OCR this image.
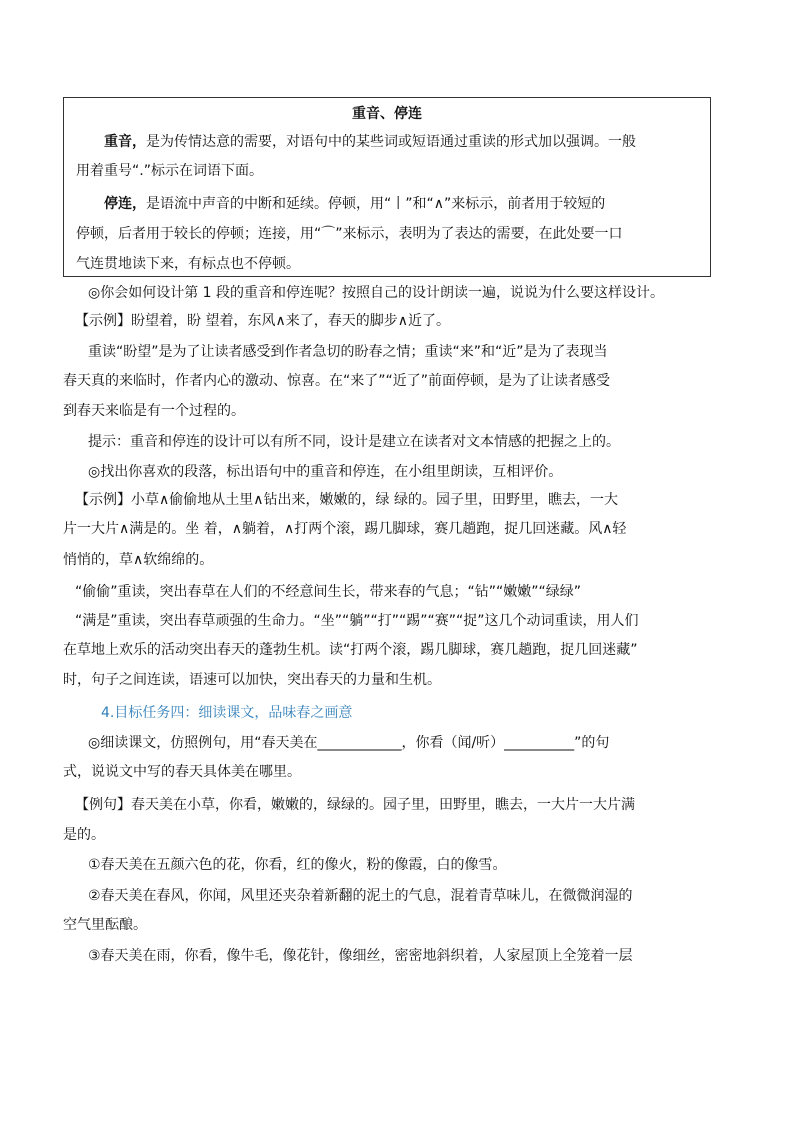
重音、停连
重音，是为传情达意的需要，对语句中的某些词或短语通过重读的形式加以强调。一般
用着重号“.”标示在词语下面。
停连，是语流中声音的中断和延续。停顿，用“丨”和“∧”来标示，前者用于较短的
停顿，后者用于较长的停顿；连接，用“⌒”来标示，表明为了表达的需要，在此处要一口
气连贯地读下来，有标点也不停顿。
◎你会如何设计第 1 段的重音和停连呢？按照自己的设计朗读一遍，说说为什么要这样设计。
【示例】盼望着，盼 望着，东风∧来了，春天的脚步∧近了。
重读“盼望”是为了让读者感受到作者急切的盼春之情；重读“来”和“近”是为了表现当
春天真的来临时，作者内心的激动、惊喜。在“来了”“近了”前面停顿，是为了让读者感受
到春天来临是有一个过程的。
提示：重音和停连的设计可以有所不同，设计是建立在读者对文本情感的把握之上的。
◎找出你喜欢的段落，标出语句中的重音和停连，在小组里朗读，互相评价。
【示例】小草∧偷偷地从土里∧钻出来，嫩嫩的，绿 绿的。园子里，田野里，瞧去，一大
片一大片∧满是的。坐 着，∧躺着，∧打两个滚，踢几脚球，赛几趟跑，捉几回迷藏。风∧轻
悄悄的，草∧软绵绵的。
“偷偷”重读，突出春草在人们的不经意间生长，带来春的气息；“钻”“嫩嫩”“绿绿”
“满是”重读，突出春草顽强的生命力。“坐”“躺”“打”“踢”“赛”“捉”这几个动词重读，用人们
在草地上欢乐的活动突出春天的蓬勃生机。读“打两个滚，踢几脚球，赛几趟跑，捉几回迷藏”
时，句子之间连读，语速可以加快，突出春天的力量和生机。
4.目标任务四：细读课文，品味春之画意
◎细读课文，仿照例句，用“春天美在____________，你看（闻/听）__________”的句
式，说说文中写的春天具体美在哪里。
【例句】春天美在小草，你看，嫩嫩的，绿绿的。园子里，田野里，瞧去，一大片一大片满
是的。
①春天美在五颜六色的花，你看，红的像火，粉的像霞，白的像雪。
②春天美在春风，你闻，风里还夹杂着新翻的泥土的气息，混着青草味儿，在微微润湿的
空气里酝酿。
③春天美在雨，你看，像牛毛，像花针，像细丝，密密地斜织着，人家屋顶上全笼着一层
